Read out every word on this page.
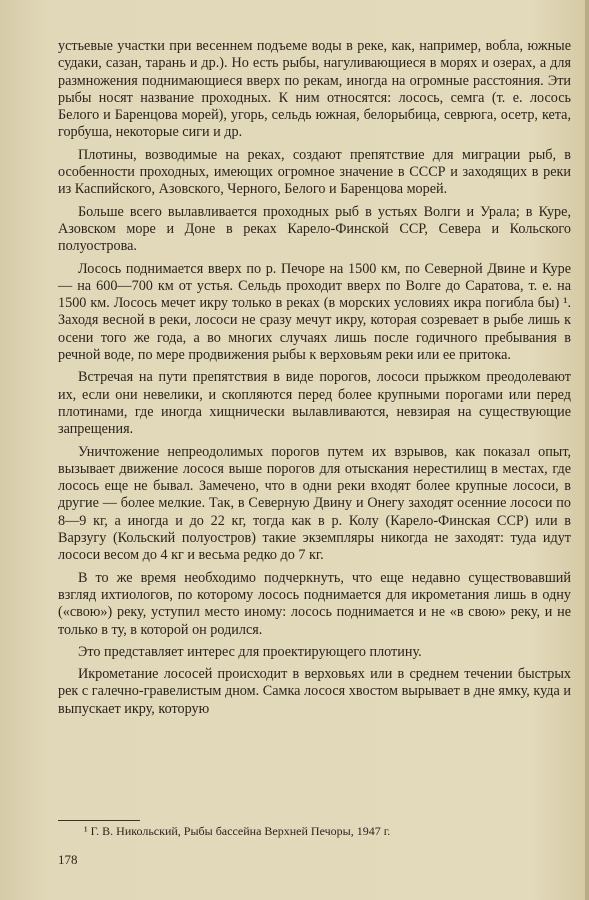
устьевые участки при весеннем подъеме воды в реке, как, например, вобла, южные судаки, сазан, тарань и др.). Но есть рыбы, нагуливающиеся в морях и озерах, а для размножения поднимающиеся вверх по рекам, иногда на огромные расстояния. Эти рыбы носят название проходных. К ним относятся: лосось, семга (т. е. лосось Белого и Баренцова морей), угорь, сельдь южная, белорыбица, севрюга, осетр, кета, горбуша, некоторые сиги и др.

Плотины, возводимые на реках, создают препятствие для миграции рыб, в особенности проходных, имеющих огромное значение в СССР и заходящих в реки из Каспийского, Азовского, Черного, Белого и Баренцова морей.

Больше всего вылавливается проходных рыб в устьях Волги и Урала; в Куре, Азовском море и Доне в реках Карело-Финской ССР, Севера и Кольского полуострова.

Лосось поднимается вверх по р. Печоре на 1500 км, по Северной Двине и Куре — на 600—700 км от устья. Сельдь проходит вверх по Волге до Саратова, т. е. на 1500 км. Лосось мечет икру только в реках (в морских условиях икра погибла бы) ¹. Заходя весной в реки, лососи не сразу мечут икру, которая созревает в рыбе лишь к осени того же года, а во многих случаях лишь после годичного пребывания в речной воде, по мере продвижения рыбы к верховьям реки или ее притока.

Встречая на пути препятствия в виде порогов, лососи прыжком преодолевают их, если они невелики, и скопляются перед более крупными порогами или перед плотинами, где иногда хищнически вылавливаются, невзирая на существующие запрещения.

Уничтожение непреодолимых порогов путем их взрывов, как показал опыт, вызывает движение лосося выше порогов для отыскания нерестилищ в местах, где лосось еще не бывал. Замечено, что в одни реки входят более крупные лососи, в другие — более мелкие. Так, в Северную Двину и Онегу заходят осенние лососи по 8—9 кг, а иногда и до 22 кг, тогда как в р. Колу (Карело-Финская ССР) или в Варзугу (Кольский полуостров) такие экземпляры никогда не заходят: туда идут лососи весом до 4 кг и весьма редко до 7 кг.

В то же время необходимо подчеркнуть, что еще недавно существовавший взгляд ихтиологов, по которому лосось поднимается для икрометания лишь в одну («свою») реку, уступил место иному: лосось поднимается и не «в свою» реку, и не только в ту, в которой он родился.

Это представляет интерес для проектирующего плотину.

Икрометание лососей происходит в верховьях или в среднем течении быстрых рек с галечно-гравелистым дном. Самка лосося хвостом вырывает в дне ямку, куда и выпускает икру, которую

¹ Г. В. Никольский, Рыбы бассейна Верхней Печоры, 1947 г.
178
